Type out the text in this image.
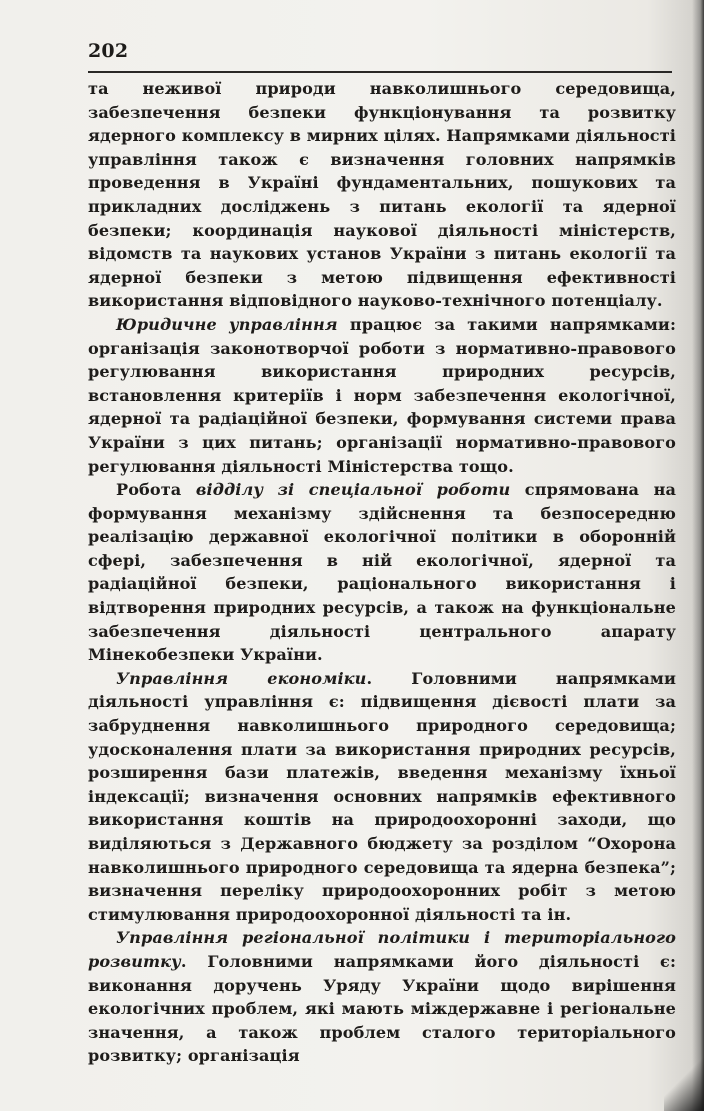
202

та неживої природи навколишнього середовища, забезпечення безпеки функціонування та розвитку ядерного комплексу в мирних цілях. Напрямками діяльності управління також є визначення головних напрямків проведення в Україні фундаментальних, пошукових та прикладних досліджень з питань екології та ядерної безпеки; координація наукової діяльності міністерств, відомств та наукових установ України з питань екології та ядерної безпеки з метою підвищення ефективності використання відповідного науково-технічного потенціалу.

Юридичне управління працює за такими напрямками: організація законотворчої роботи з нормативно-правового регулювання використання природних ресурсів, встановлення критеріїв і норм забезпечення екологічної, ядерної та радіаційної безпеки, формування системи права України з цих питань; організації нормативно-правового регулювання діяльності Міністерства тощо.

Робота відділу зі спеціальної роботи спрямована на формування механізму здійснення та безпосередню реалізацію державної екологічної політики в оборонній сфері, забезпечення в ній екологічної, ядерної та радіаційної безпеки, раціонального використання і відтворення природних ресурсів, а також на функціональне забезпечення діяльності центрального апарату Мінекобезпеки України.

Управління економіки. Головними напрямками діяльності управління є: підвищення дієвості плати за забруднення навколишнього природного середовища; удосконалення плати за використання природних ресурсів, розширення бази платежів, введення механізму їхньої індексації; визначення основних напрямків ефективного використання коштів на природоохоронні заходи, що виділяються з Державного бюджету за розділом “Охорона навколишнього природного середовища та ядерна безпека”; визначення переліку природоохоронних робіт з метою стимулювання природоохоронної діяльності та ін.

Управління регіональної політики і територіального розвитку. Головними напрямками його діяльності є: виконання доручень Уряду України щодо вирішення екологічних проблем, які мають міждержавне і регіональне значення, а також проблем сталого територіального розвитку; організація
